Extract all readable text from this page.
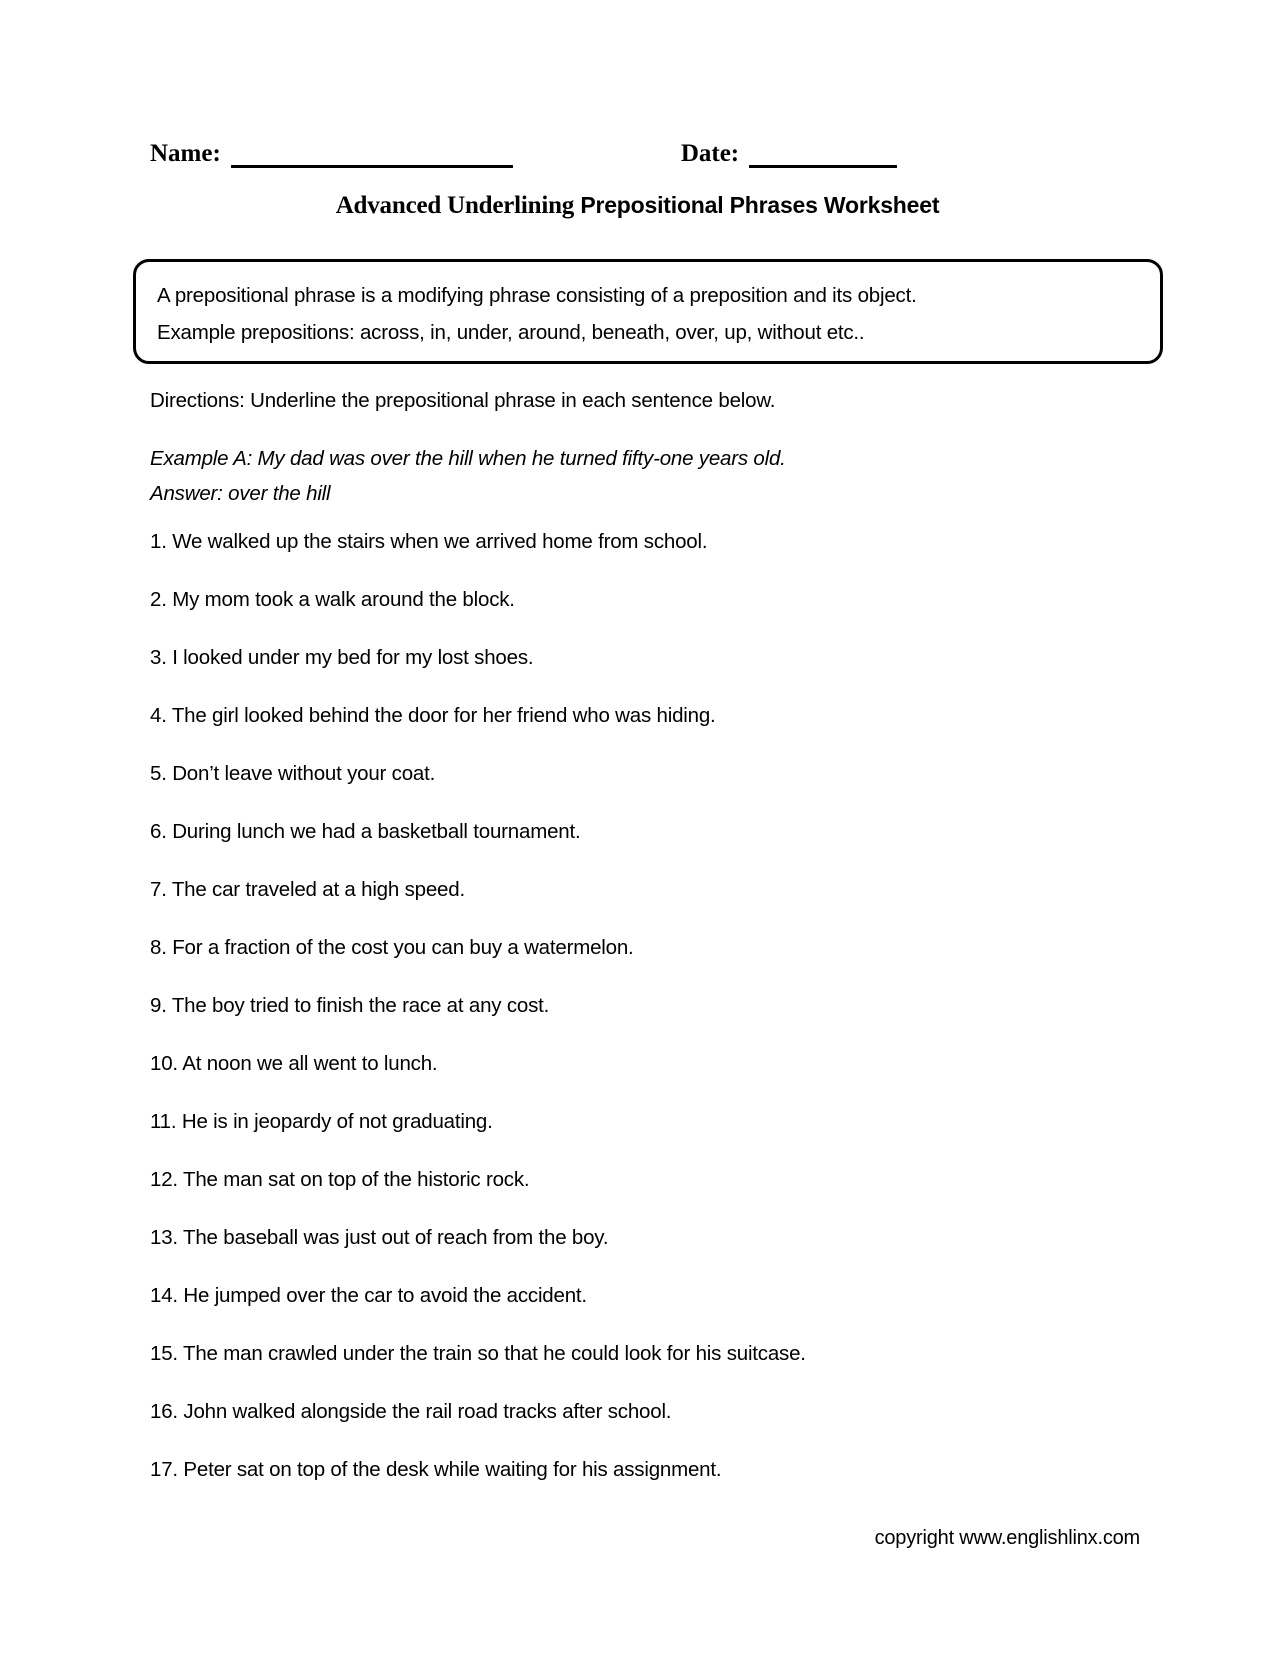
Name:	Date:
Advanced Underlining Prepositional Phrases Worksheet
A prepositional phrase is a modifying phrase consisting of a preposition and its object.
Example prepositions: across, in, under, around, beneath, over, up, without etc..
Directions: Underline the prepositional phrase in each sentence below.
Example A: My dad was over the hill when he turned fifty-one years old.
Answer: over the hill
1. We walked up the stairs when we arrived home from school.
2. My mom took a walk around the block.
3. I looked under my bed for my lost shoes.
4. The girl looked behind the door for her friend who was hiding.
5. Don’t leave without your coat.
6. During lunch we had a basketball tournament.
7. The car traveled at a high speed.
8. For a fraction of the cost you can buy a watermelon.
9. The boy tried to finish the race at any cost.
10. At noon we all went to lunch.
11. He is in jeopardy of not graduating.
12. The man sat on top of the historic rock.
13. The baseball was just out of reach from the boy.
14. He jumped over the car to avoid the accident.
15. The man crawled under the train so that he could look for his suitcase.
16. John walked alongside the rail road tracks after school.
17. Peter sat on top of the desk while waiting for his assignment.
copyright www.englishlinx.com
